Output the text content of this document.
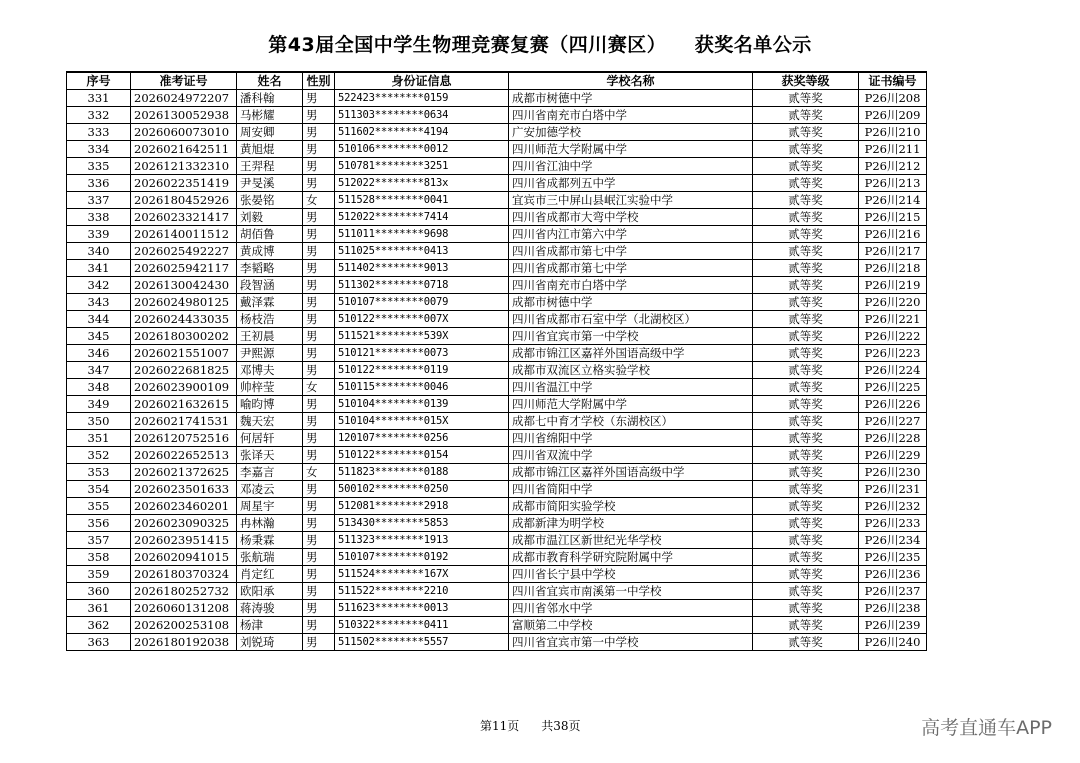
第43届全国中学生物理竞赛复赛（四川赛区）    获奖名单公示
序号	准考证号	姓名	性别	身份证信息	学校名称	获奖等级	证书编号
331	2026024972207	潘科翰	男	522423********0159	成都市树德中学	贰等奖	P26川208
332	2026130052938	马彬耀	男	511303********0634	四川省南充市白塔中学	贰等奖	P26川209
333	2026060073010	周安卿	男	511602********4194	广安加德学校	贰等奖	P26川210
334	2026021642511	黄旭焜	男	510106********0012	四川师范大学附属中学	贰等奖	P26川211
335	2026121332310	王羿程	男	510781********3251	四川省江油中学	贰等奖	P26川212
336	2026022351419	尹旻溪	男	512022********813x	四川省成都列五中学	贰等奖	P26川213
337	2026180452926	张晏铭	女	511528********0041	宜宾市三中屏山县岷江实验中学	贰等奖	P26川214
338	2026023321417	刘毅	男	512022********7414	四川省成都市大弯中学校	贰等奖	P26川215
339	2026140011512	胡佰鲁	男	511011********9698	四川省内江市第六中学	贰等奖	P26川216
340	2026025492227	黄成博	男	511025********0413	四川省成都市第七中学	贰等奖	P26川217
341	2026025942117	李韬略	男	511402********9013	四川省成都市第七中学	贰等奖	P26川218
342	2026130042430	段智涵	男	511302********0718	四川省南充市白塔中学	贰等奖	P26川219
343	2026024980125	戴泽霖	男	510107********0079	成都市树德中学	贰等奖	P26川220
344	2026024433035	杨枝浩	男	510122********007X	四川省成都市石室中学（北湖校区）	贰等奖	P26川221
345	2026180300202	王初晨	男	511521********539X	四川省宜宾市第一中学校	贰等奖	P26川222
346	2026021551007	尹熙源	男	510121********0073	成都市锦江区嘉祥外国语高级中学	贰等奖	P26川223
347	2026022681825	邓博夫	男	510122********0119	成都市双流区立格实验学校	贰等奖	P26川224
348	2026023900109	帅梓莹	女	510115********0046	四川省温江中学	贰等奖	P26川225
349	2026021632615	喻昀博	男	510104********0139	四川师范大学附属中学	贰等奖	P26川226
350	2026021741531	魏天宏	男	510104********015X	成都七中育才学校（东湖校区）	贰等奖	P26川227
351	2026120752516	何居轩	男	120107********0256	四川省绵阳中学	贰等奖	P26川228
352	2026022652513	张译天	男	510122********0154	四川省双流中学	贰等奖	P26川229
353	2026021372625	李嘉言	女	511823********0188	成都市锦江区嘉祥外国语高级中学	贰等奖	P26川230
354	2026023501633	邓凌云	男	500102********0250	四川省简阳中学	贰等奖	P26川231
355	2026023460201	周星宇	男	512081********2918	成都市简阳实验学校	贰等奖	P26川232
356	2026023090325	冉林瀚	男	513430********5853	成都新津为明学校	贰等奖	P26川233
357	2026023951415	杨秉霖	男	511323********1913	成都市温江区新世纪光华学校	贰等奖	P26川234
358	2026020941015	张航瑞	男	510107********0192	成都市教育科学研究院附属中学	贰等奖	P26川235
359	2026180370324	肖定红	男	511524********167X	四川省长宁县中学校	贰等奖	P26川236
360	2026180252732	欧阳承	男	511522********2210	四川省宜宾市南溪第一中学校	贰等奖	P26川237
361	2026060131208	蒋涛骏	男	511623********0013	四川省邻水中学	贰等奖	P26川238
362	2026200253108	杨津	男	510322********0411	富顺第二中学校	贰等奖	P26川239
363	2026180192038	刘锐琦	男	511502********5557	四川省宜宾市第一中学校	贰等奖	P26川240
第11页 共38页	高考直通车APP
